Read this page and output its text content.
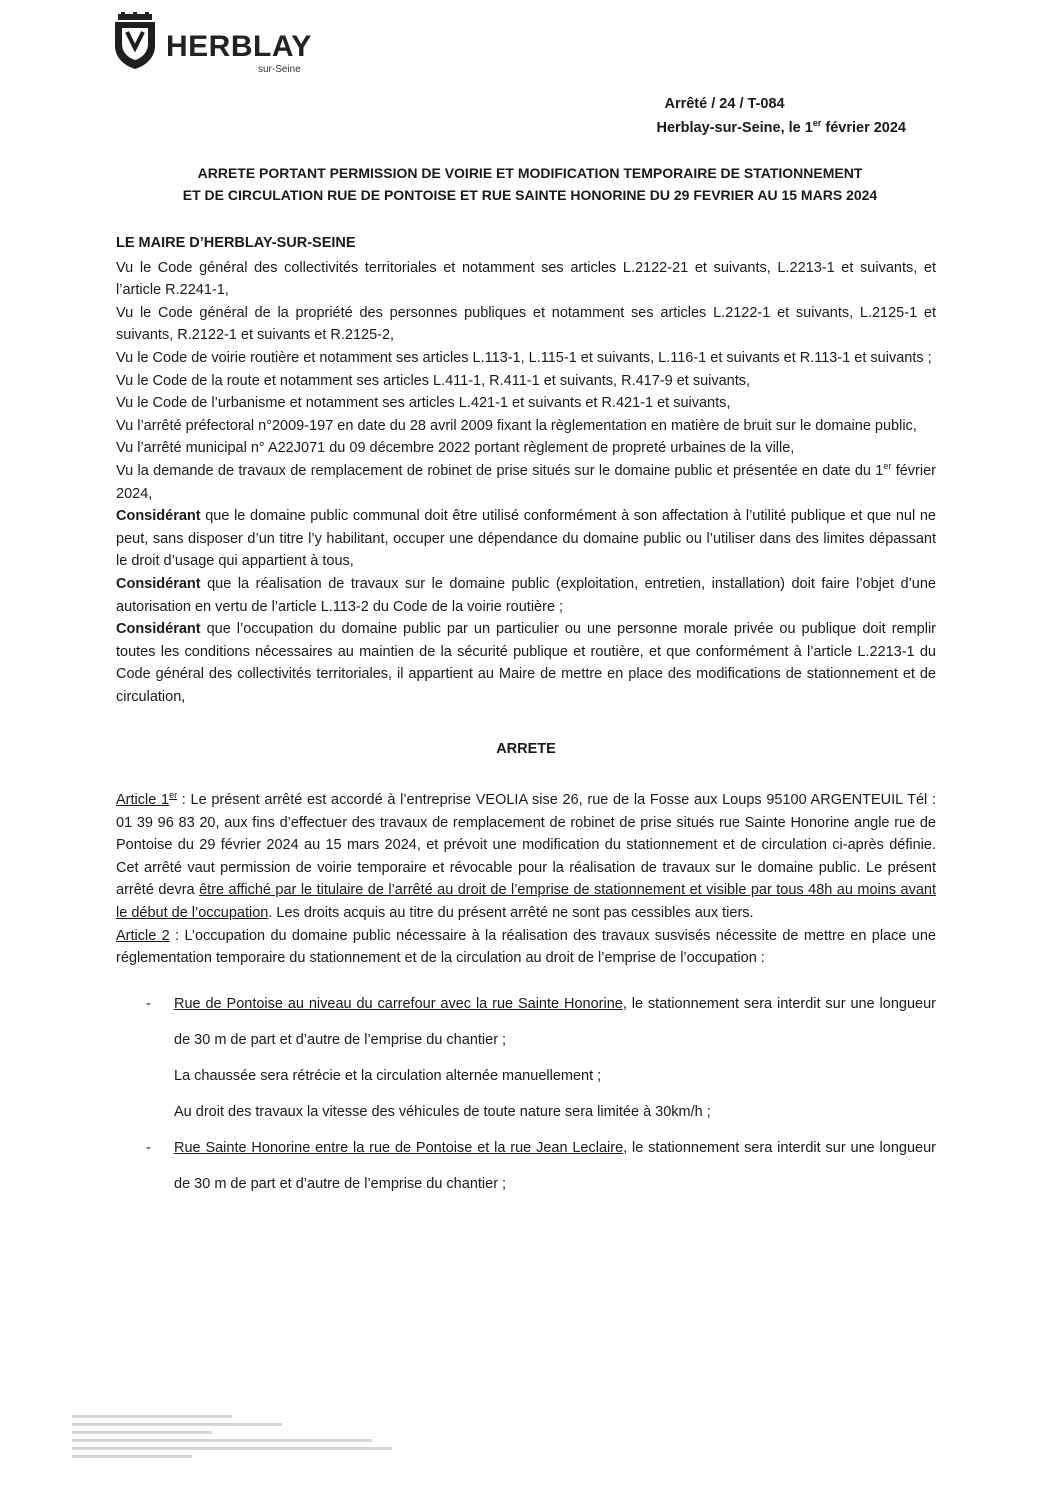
HERBLAY
sur-Seine
Arrêté / 24 / T-084
Herblay-sur-Seine, le 1er février 2024
ARRETE PORTANT PERMISSION DE VOIRIE ET MODIFICATION TEMPORAIRE DE STATIONNEMENT
ET DE CIRCULATION RUE DE PONTOISE ET RUE SAINTE HONORINE DU 29 FEVRIER AU 15 MARS 2024

LE MAIRE D’HERBLAY-SUR-SEINE

Vu le Code général des collectivités territoriales et notamment ses articles L.2122-21 et suivants, L.2213-1 et suivants, et l’article R.2241-1,

Vu le Code général de la propriété des personnes publiques et notamment ses articles L.2122-1 et suivants, L.2125-1 et suivants, R.2122-1 et suivants et R.2125-2,

Vu le Code de voirie routière et notamment ses articles L.113-1, L.115-1 et suivants, L.116-1 et suivants et R.113-1 et suivants ;

Vu le Code de la route et notamment ses articles L.411-1, R.411-1 et suivants, R.417-9 et suivants,

Vu le Code de l’urbanisme et notamment ses articles L.421-1 et suivants et R.421-1 et suivants,

Vu l’arrêté préfectoral n°2009-197 en date du 28 avril 2009 fixant la règlementation en matière de bruit sur le domaine public,

Vu l’arrêté municipal n° A22J071 du 09 décembre 2022 portant règlement de propreté urbaines de la ville,

Vu la demande de travaux de remplacement de robinet de prise situés sur le domaine public et présentée en date du 1er février 2024,

Considérant que le domaine public communal doit être utilisé conformément à son affectation à l’utilité publique et que nul ne peut, sans disposer d’un titre l’y habilitant, occuper une dépendance du domaine public ou l’utiliser dans des limites dépassant le droit d’usage qui appartient à tous,

Considérant que la réalisation de travaux sur le domaine public (exploitation, entretien, installation) doit faire l’objet d’une autorisation en vertu de l’article L.113-2 du Code de la voirie routière ;

Considérant que l’occupation du domaine public par un particulier ou une personne morale privée ou publique doit remplir toutes les conditions nécessaires au maintien de la sécurité publique et routière, et que conformément à l’article L.2213-1 du Code général des collectivités territoriales, il appartient au Maire de mettre en place des modifications de stationnement et de circulation,

ARRETE

Article 1er : Le présent arrêté est accordé à l’entreprise VEOLIA sise 26, rue de la Fosse aux Loups 95100 ARGENTEUIL Tél : 01 39 96 83 20, aux fins d’effectuer des travaux de remplacement de robinet de prise situés rue Sainte Honorine angle rue de Pontoise du 29 février 2024 au 15 mars 2024, et prévoit une modification du stationnement et de circulation ci-après définie. Cet arrêté vaut permission de voirie temporaire et révocable pour la réalisation de travaux sur le domaine public. Le présent arrêté devra être affiché par le titulaire de l’arrêté au droit de l’emprise de stationnement et visible par tous 48h au moins avant le début de l’occupation. Les droits acquis au titre du présent arrêté ne sont pas cessibles aux tiers.

Article 2 : L’occupation du domaine public nécessaire à la réalisation des travaux susvisés nécessite de mettre en place une réglementation temporaire du stationnement et de la circulation au droit de l’emprise de l’occupation :

- Rue de Pontoise au niveau du carrefour avec la rue Sainte Honorine, le stationnement sera interdit sur une longueur de 30 m de part et d’autre de l’emprise du chantier ;

La chaussée sera rétrécie et la circulation alternée manuellement ;

Au droit des travaux la vitesse des véhicules de toute nature sera limitée à 30km/h ;

- Rue Sainte Honorine entre la rue de Pontoise et la rue Jean Leclaire, le stationnement sera interdit sur une longueur de 30 m de part et d’autre de l’emprise du chantier ;
